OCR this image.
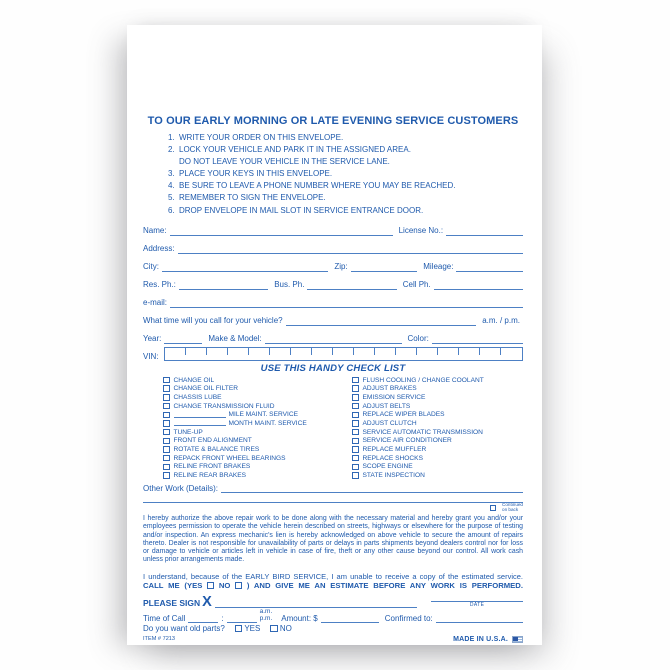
TO OUR EARLY MORNING OR LATE EVENING SERVICE CUSTOMERS
1. WRITE YOUR ORDER ON THIS ENVELOPE.
2. LOCK YOUR VEHICLE AND PARK IT IN THE ASSIGNED AREA.
DO NOT LEAVE YOUR VEHICLE IN THE SERVICE LANE.
3. PLACE YOUR KEYS IN THIS ENVELOPE.
4. BE SURE TO LEAVE A PHONE NUMBER WHERE YOU MAY BE REACHED.
5. REMEMBER TO SIGN THE ENVELOPE.
6. DROP ENVELOPE IN MAIL SLOT IN SERVICE ENTRANCE DOOR.
Name:	License No.:
Address:
City:	Zip:	Mileage:
Res. Ph.:	Bus. Ph.	Cell Ph.
e-mail:
What time will you call for your vehicle?	a.m. / p.m.
Year:	Make & Model:	Color:
VIN:
USE THIS HANDY CHECK LIST
CHANGE OIL
CHANGE OIL FILTER
CHASSIS LUBE
CHANGE TRANSMISSION FLUID
MILE MAINT. SERVICE
MONTH MAINT. SERVICE
TUNE-UP
FRONT END ALIGNMENT
ROTATE & BALANCE TIRES
REPACK FRONT WHEEL BEARINGS
RELINE FRONT BRAKES
RELINE REAR BRAKES
FLUSH COOLING / CHANGE COOLANT
ADJUST BRAKES
EMISSION SERVICE
ADJUST BELTS
REPLACE WIPER BLADES
ADJUST CLUTCH
SERVICE AUTOMATIC TRANSMISSION
SERVICE AIR CONDITIONER
REPLACE MUFFLER
REPLACE SHOCKS
SCOPE ENGINE
STATE INSPECTION
Other Work (Details):
Continued
on back

I hereby authorize the above repair work to be done along with the necessary material and hereby grant you and/or your employees permission to operate the vehicle herein described on streets, highways or elsewhere for the purpose of testing and/or inspection. An express mechanic's lien is hereby acknowledged on above vehicle to secure the amount of repairs thereto. Dealer is not responsible for unavailability of parts or delays in parts shipments beyond dealers control nor for loss or damage to vehicle or articles left in vehicle in case of fire, theft or any other cause beyond our control. All work cash unless prior arrangements made.

I understand, because of the EARLY BIRD SERVICE, I am unable to receive a copy of the estimated service.

CALL ME (YES NO ) AND GIVE ME AN ESTIMATE BEFORE ANY WORK IS PERFORMED.
PLEASE SIGN X	DATE
Time of Call	:
a.m.
p.m.	Amount: $	Confirmed to:
Do you want old parts? YES NO
ITEM # 7213	MADE IN U.S.A.
